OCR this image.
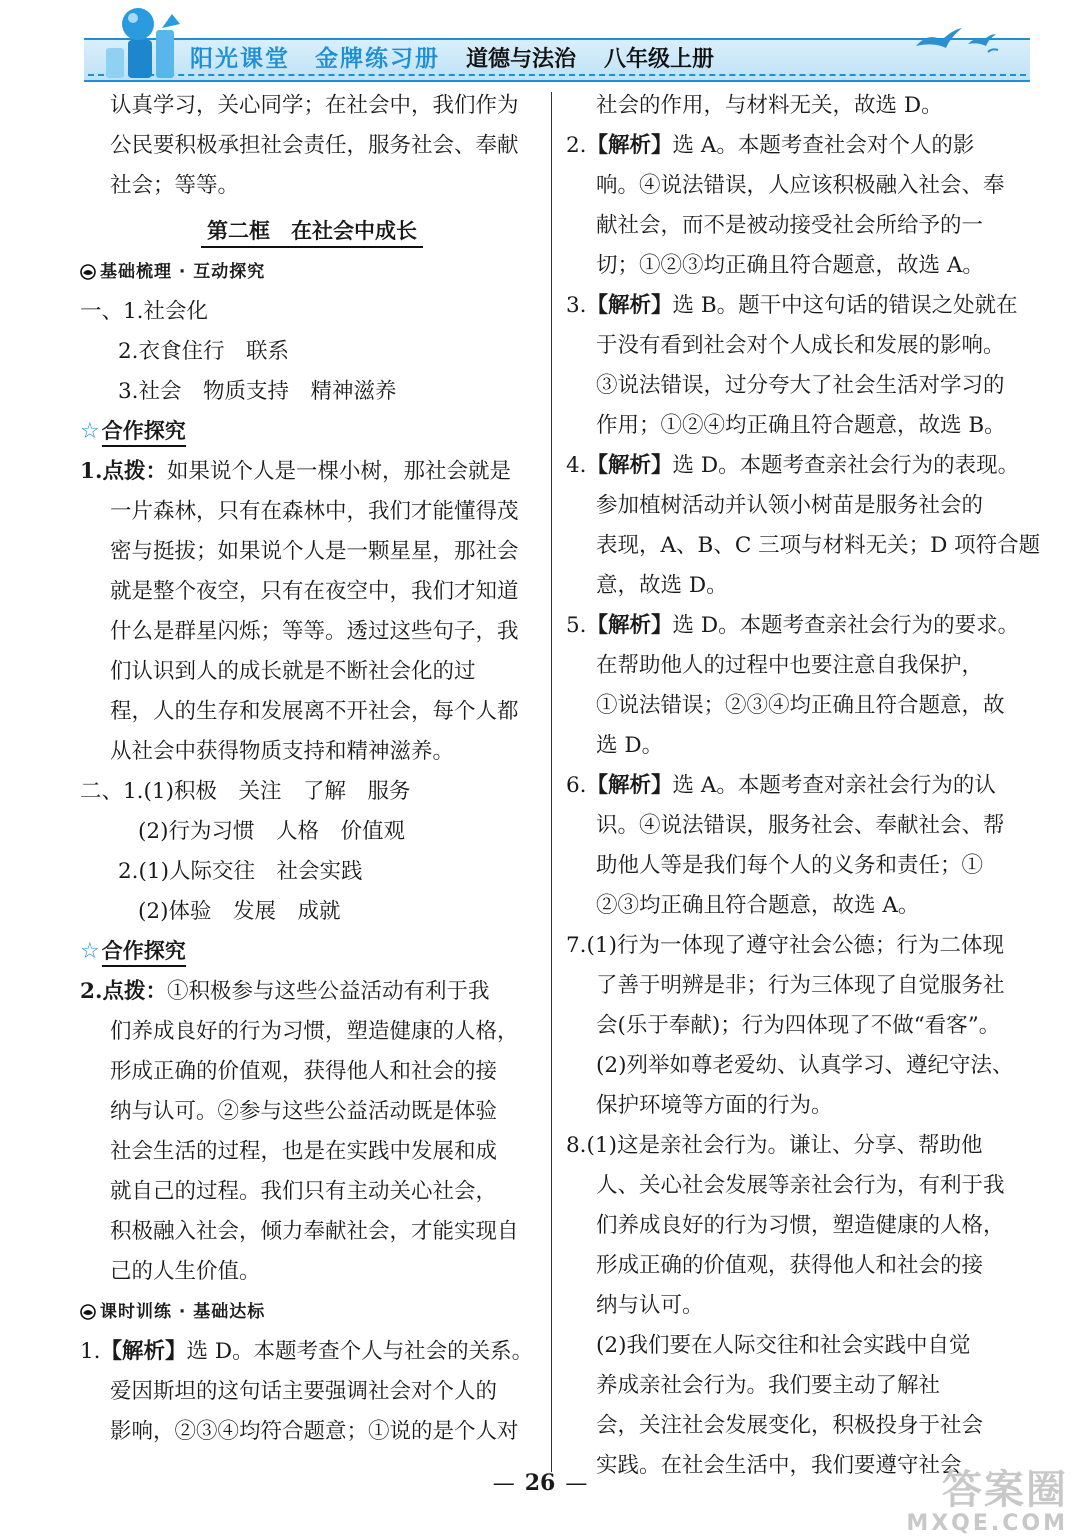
阳光课堂　金牌练习册 道德与法治 八年级上册
认真学习，关心同学；在社会中，我们作为
公民要积极承担社会责任，服务社会、奉献
社会；等等。
第二框　在社会中成长
基础梳理 · 互动探究
一、1.社会化
2.衣食住行　联系
3.社会　物质支持　精神滋养
☆ 合作探究
1.点拨：如果说个人是一棵小树，那社会就是
一片森林，只有在森林中，我们才能懂得茂
密与挺拔；如果说个人是一颗星星，那社会
就是整个夜空，只有在夜空中，我们才知道
什么是群星闪烁；等等。透过这些句子，我
们认识到人的成长就是不断社会化的过
程，人的生存和发展离不开社会，每个人都
从社会中获得物质支持和精神滋养。
二、1.(1)积极　关注　了解　服务
(2)行为习惯　人格　价值观
2.(1)人际交往　社会实践
(2)体验　发展　成就
☆ 合作探究
2.点拨：①积极参与这些公益活动有利于我
们养成良好的行为习惯，塑造健康的人格，
形成正确的价值观，获得他人和社会的接
纳与认可。②参与这些公益活动既是体验
社会生活的过程，也是在实践中发展和成
就自己的过程。我们只有主动关心社会，
积极融入社会，倾力奉献社会，才能实现自
己的人生价值。
课时训练 · 基础达标
1.【解析】选 D。本题考查个人与社会的关系。
爱因斯坦的这句话主要强调社会对个人的
影响，②③④均符合题意；①说的是个人对
社会的作用，与材料无关，故选 D。
2.【解析】选 A。本题考查社会对个人的影
响。④说法错误，人应该积极融入社会、奉
献社会，而不是被动接受社会所给予的一
切；①②③均正确且符合题意，故选 A。
3.【解析】选 B。题干中这句话的错误之处就在
于没有看到社会对个人成长和发展的影响。
③说法错误，过分夸大了社会生活对学习的
作用；①②④均正确且符合题意，故选 B。
4.【解析】选 D。本题考查亲社会行为的表现。
参加植树活动并认领小树苗是服务社会的
表现，A、B、C 三项与材料无关；D 项符合题
意，故选 D。
5.【解析】选 D。本题考查亲社会行为的要求。
在帮助他人的过程中也要注意自我保护，
①说法错误；②③④均正确且符合题意，故
选 D。
6.【解析】选 A。本题考查对亲社会行为的认
识。④说法错误，服务社会、奉献社会、帮
助他人等是我们每个人的义务和责任；①
②③均正确且符合题意，故选 A。
7.(1)行为一体现了遵守社会公德；行为二体现
了善于明辨是非；行为三体现了自觉服务社
会(乐于奉献)；行为四体现了不做“看客”。
(2)列举如尊老爱幼、认真学习、遵纪守法、
保护环境等方面的行为。
8.(1)这是亲社会行为。谦让、分享、帮助他
人、关心社会发展等亲社会行为，有利于我
们养成良好的行为习惯，塑造健康的人格，
形成正确的价值观，获得他人和社会的接
纳与认可。
(2)我们要在人际交往和社会实践中自觉
养成亲社会行为。我们要主动了解社
会，关注社会发展变化，积极投身于社会
实践。在社会生活中，我们要遵守社会
— 26 —	答案圈
MXQE.COM
